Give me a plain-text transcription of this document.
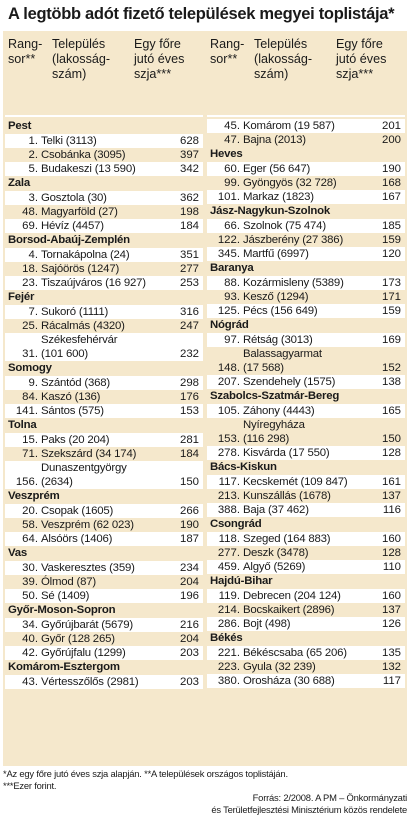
A legtöbb adót fizető települések megyei toplistája*
Rang-
sor**
Település
(lakosság-
szám)
Egy főre
jutó éves
szja***
Pest
1. Telki (3113)	628
2. Csobánka (3095)	397
5. Budakeszi (13 590)	342
Zala
3. Gosztola (30)	362
48. Magyarföld (27)	198
69. Hévíz (4457)	184
Borsod-Abaúj-Zemplén
4. Tornakápolna (24)	351
18. Sajóörös (1247)	277
23. Tiszaújváros (16 927)	253
Fejér
7. Sukoró (1111)	316
25. Rácalmás (4320)	247
31.
Székesfehérvár
(101 600)	232
Somogy
9. Szántód (368)	298
84. Kaszó (136)	176
141. Sántos (575)	153
Tolna
15. Paks (20 204)	281
71. Szekszárd (34 174)	184
156.
Dunaszentgyörgy
(2634)	150
Veszprém
20. Csopak (1605)	266
58. Veszprém (62 023)	190
64. Alsóörs (1406)	187
Vas
30. Vaskeresztes (359)	234
39. Ólmod (87)	204
50. Sé (1409)	196
Győr-Moson-Sopron
34. Győrújbarát (5679)	216
40. Győr (128 265)	204
42. Győrújfalu (1299)	203
Komárom-Esztergom
43. Vértesszőlős (2981)	203
Rang-
sor**
Település
(lakosság-
szám)
Egy főre
jutó éves
szja***
45. Komárom (19 587)	201
47. Bajna (2013)	200
Heves
60. Eger (56 647)	190
99. Gyöngyös (32 728)	168
101. Markaz (1823)	167
Jász-Nagykun-Szolnok
66. Szolnok (75 474)	185
122. Jászberény (27 386)	159
345. Martfű (6997)	120
Baranya
88. Kozármisleny (5389)	173
93. Kesző (1294)	171
125. Pécs (156 649)	159
Nógrád
97. Rétság (3013)	169
148.
Balassagyarmat
(17 568)	152
207. Szendehely (1575)	138
Szabolcs-Szatmár-Bereg
105. Záhony (4443)	165
153.
Nyíregyháza
(116 298)	150
278. Kisvárda (17 550)	128
Bács-Kiskun
117. Kecskemét (109 847)	161
213. Kunszállás (1678)	137
388. Baja (37 462)	116
Csongrád
118. Szeged (164 883)	160
277. Deszk (3478)	128
459. Algyő (5269)	110
Hajdú-Bihar
119. Debrecen (204 124)	160
214. Bocskaikert (2896)	137
286. Bojt (498)	126
Békés
221. Békéscsaba (65 206)	135
223. Gyula (32 239)	132
380. Orosháza (30 688)	117
*Az egy főre jutó éves szja alapján. **A települések országos toplistáján.
***Ezer forint.
Forrás: 2/2008. A PM – Önkormányzati
és Területfejlesztési Minisztérium közös rendelete
